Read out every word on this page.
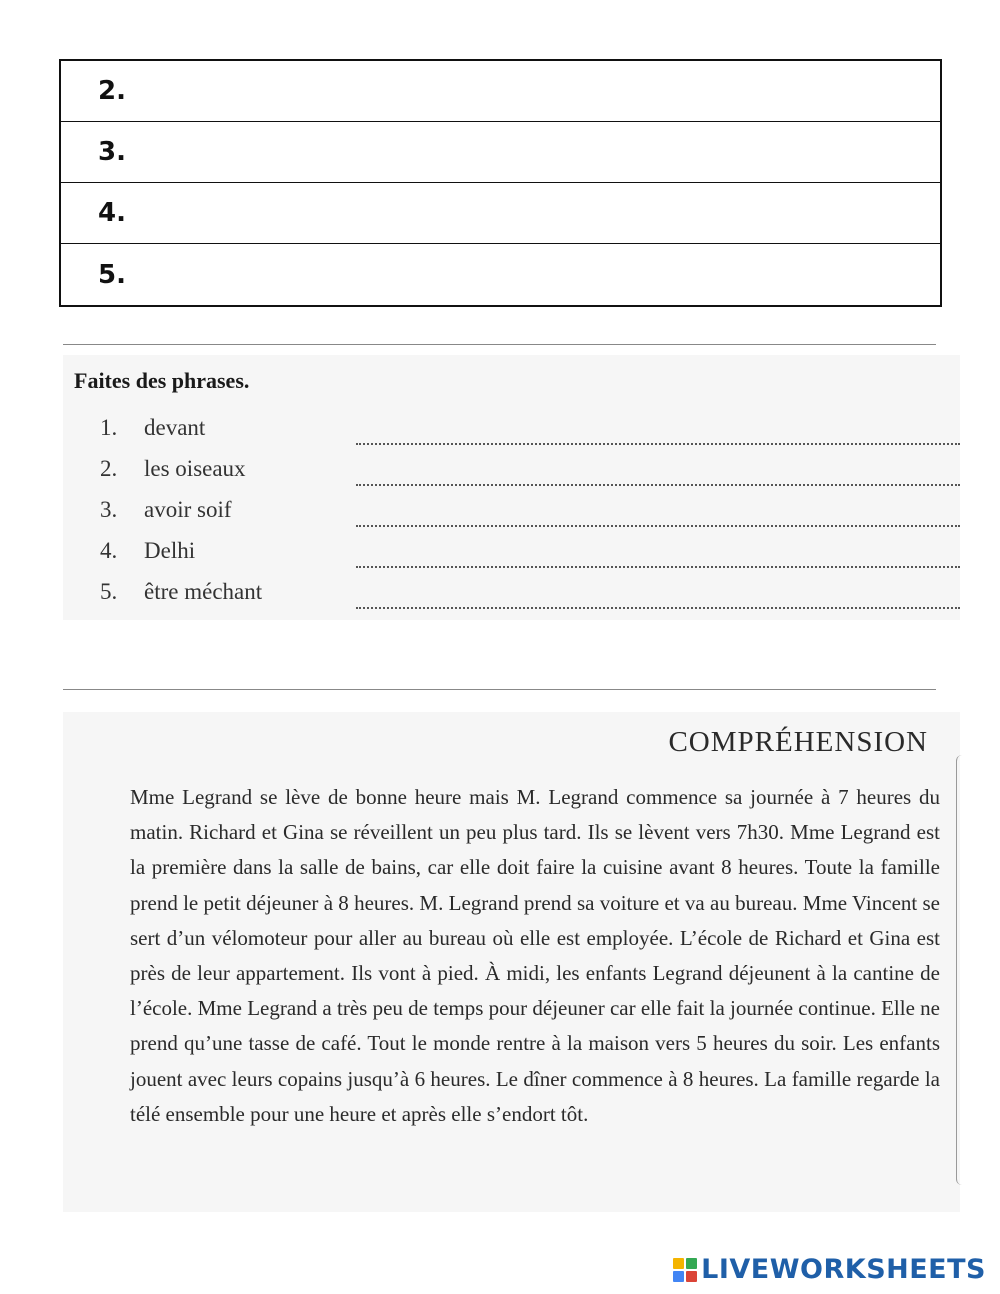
2.
3.
4.
5.
Faites des phrases.
1. devant
2. les oiseaux
3. avoir soif
4. Delhi
5. être méchant
COMPRÉHENSION
Mme Legrand se lève de bonne heure mais M. Legrand commence sa journée à 7 heures du matin. Richard et Gina se réveillent un peu plus tard. Ils se lèvent vers 7h30. Mme Legrand est la première dans la salle de bains, car elle doit faire la cuisine avant 8 heures. Toute la famille prend le petit déjeuner à 8 heures. M. Legrand prend sa voiture et va au bureau. Mme Vincent se sert d’un vélomoteur pour aller au bureau où elle est employée. L’école de Richard et Gina est près de leur appartement. Ils vont à pied. À midi, les enfants Legrand déjeunent à la cantine de l’école. Mme Legrand a très peu de temps pour déjeuner car elle fait la journée continue. Elle ne prend qu’une tasse de café. Tout le monde rentre à la maison vers 5 heures du soir. Les enfants jouent avec leurs copains jusqu’à 6 heures. Le dîner commence à 8 heures. La famille regarde la télé ensemble pour une heure et après elle s’endort tôt.
LIVEWORKSHEETS
